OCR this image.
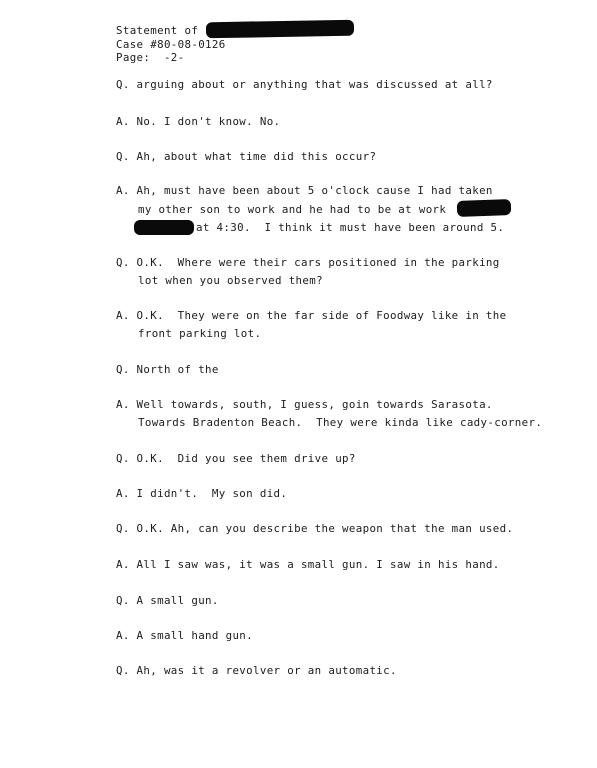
Statement of
Case #80-08-0126
Page:  -2-
Q. arguing about or anything that was discussed at all?
A. No. I don't know. No.
Q. Ah, about what time did this occur?
A. Ah, must have been about 5 o'clock cause I had taken
my other son to work and he had to be at work
at 4:30.  I think it must have been around 5.
Q. O.K.  Where were their cars positioned in the parking
lot when you observed them?
A. O.K.  They were on the far side of Foodway like in the
front parking lot.
Q. North of the
A. Well towards, south, I guess, goin towards Sarasota.
Towards Bradenton Beach.  They were kinda like cady-corner.
Q. O.K.  Did you see them drive up?
A. I didn't.  My son did.
Q. O.K. Ah, can you describe the weapon that the man used.
A. All I saw was, it was a small gun. I saw in his hand.
Q. A small gun.
A. A small hand gun.
Q. Ah, was it a revolver or an automatic.
